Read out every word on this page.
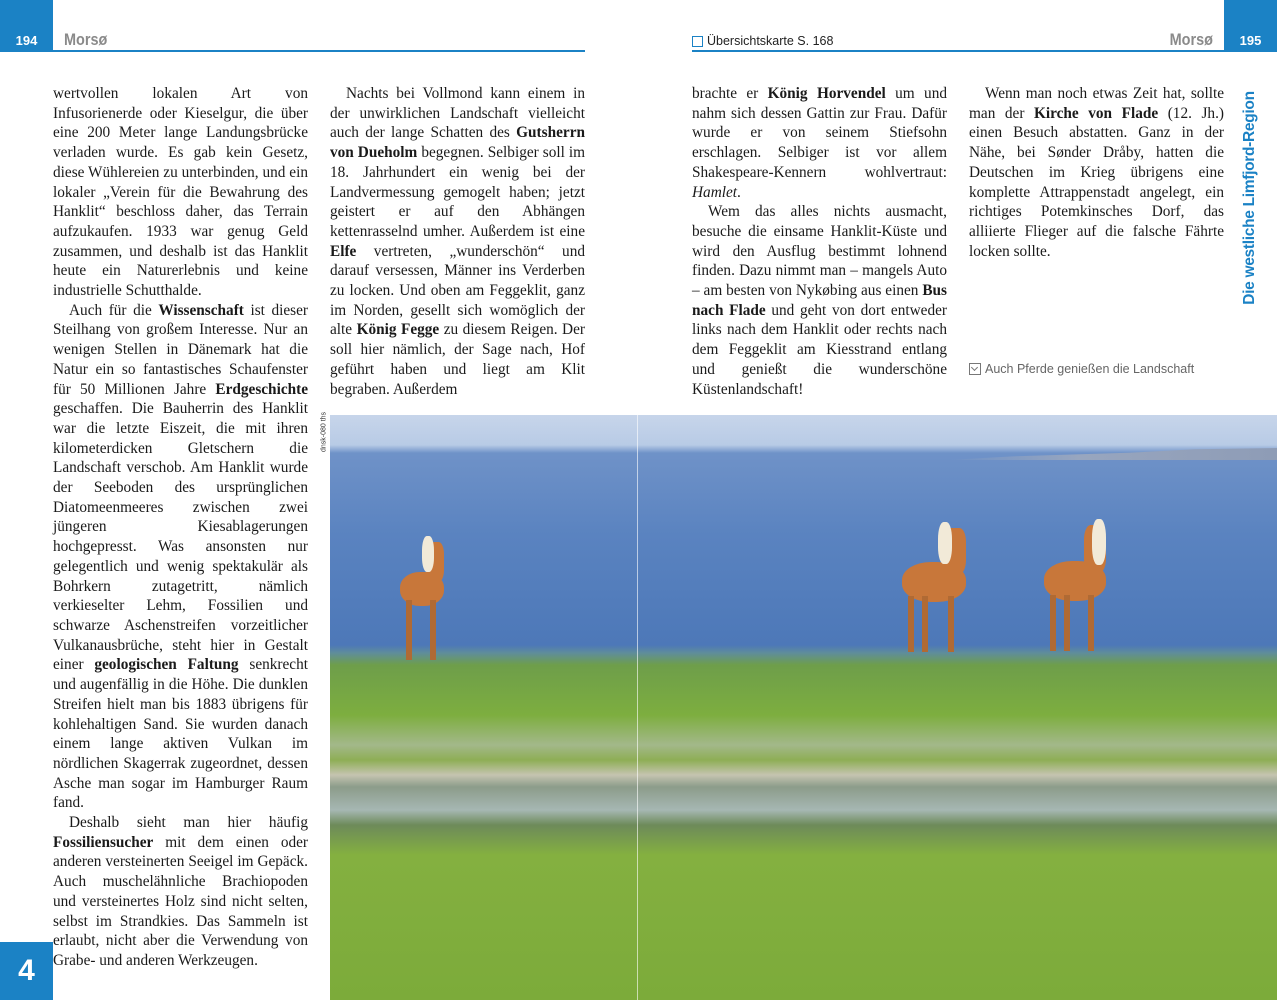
194	Morsø	Übersichtskarte S. 168	Morsø	195

wertvollen lokalen Art von Infusorienerde oder Kieselgur, die über eine 200 Meter lange Landungsbrücke verladen wurde. Es gab kein Gesetz, diese Wühlereien zu unterbinden, und ein lokaler „Verein für die Bewahrung des Hanklit“ beschloss daher, das Terrain aufzukaufen. 1933 war genug Geld zusammen, und deshalb ist das Hanklit heute ein Naturerlebnis und keine industrielle Schutthalde.

Auch für die Wissenschaft ist dieser Steilhang von großem Interesse. Nur an wenigen Stellen in Dänemark hat die Natur ein so fantastisches Schaufenster für 50 Millionen Jahre Erdgeschichte geschaffen. Die Bauherrin des Hanklit war die letzte Eiszeit, die mit ihren kilometerdicken Gletschern die Landschaft verschob. Am Hanklit wurde der Seeboden des ursprünglichen Diatomeenmeeres zwischen zwei jüngeren Kiesablagerungen hochgepresst. Was ansonsten nur gelegentlich und wenig spektakulär als Bohrkern zutagetritt, nämlich verkieselter Lehm, Fossilien und schwarze Aschenstreifen vorzeitlicher Vulkanausbrüche, steht hier in Gestalt einer geologischen Faltung senkrecht und augenfällig in die Höhe. Die dunklen Streifen hielt man bis 1883 übrigens für kohlehaltigen Sand. Sie wurden danach einem lange aktiven Vulkan im nördlichen Skagerrak zugeordnet, dessen Asche man sogar im Hamburger Raum fand.

Deshalb sieht man hier häufig Fossiliensucher mit dem einen oder anderen versteinerten Seeigel im Gepäck. Auch muschelähnliche Brachiopoden und versteinertes Holz sind nicht selten, selbst im Strandkies. Das Sammeln ist erlaubt, nicht aber die Verwendung von Grabe- und anderen Werkzeugen.

Nachts bei Vollmond kann einem in der unwirklichen Landschaft vielleicht auch der lange Schatten des Gutsherrn von Dueholm begegnen. Selbiger soll im 18. Jahrhundert ein wenig bei der Landvermessung gemogelt haben; jetzt geistert er auf den Abhängen kettenrasselnd umher. Außerdem ist eine Elfe vertreten, „wunderschön“ und darauf versessen, Männer ins Verderben zu locken. Und oben am Feggeklit, ganz im Norden, gesellt sich womöglich der alte König Fegge zu diesem Reigen. Der soll hier nämlich, der Sage nach, Hof geführt haben und liegt am Klit begraben. Außerdem

brachte er König Horvendel um und nahm sich dessen Gattin zur Frau. Dafür wurde er von seinem Stiefsohn erschlagen. Selbiger ist vor allem Shakespeare-Kennern wohlvertraut: Hamlet.

Wem das alles nichts ausmacht, besuche die einsame Hanklit-Küste und wird den Ausflug bestimmt lohnend finden. Dazu nimmt man – mangels Auto – am besten von Nykøbing aus einen Bus nach Flade und geht von dort entweder links nach dem Hanklit oder rechts nach dem Feggeklit am Kiesstrand entlang und genießt die wunderschöne Küstenlandschaft!

Wenn man noch etwas Zeit hat, sollte man der Kirche von Flade (12. Jh.) einen Besuch abstatten. Ganz in der Nähe, bei Sønder Dråby, hatten die Deutschen im Krieg übrigens eine komplette Attrappenstadt angelegt, ein richtiges Potemkinsches Dorf, das alliierte Flieger auf die falsche Fährte locken sollte.	Die westliche Limfjord-Region
Auch Pferde genießen die Landschaft
dnsk-080 ths
4
